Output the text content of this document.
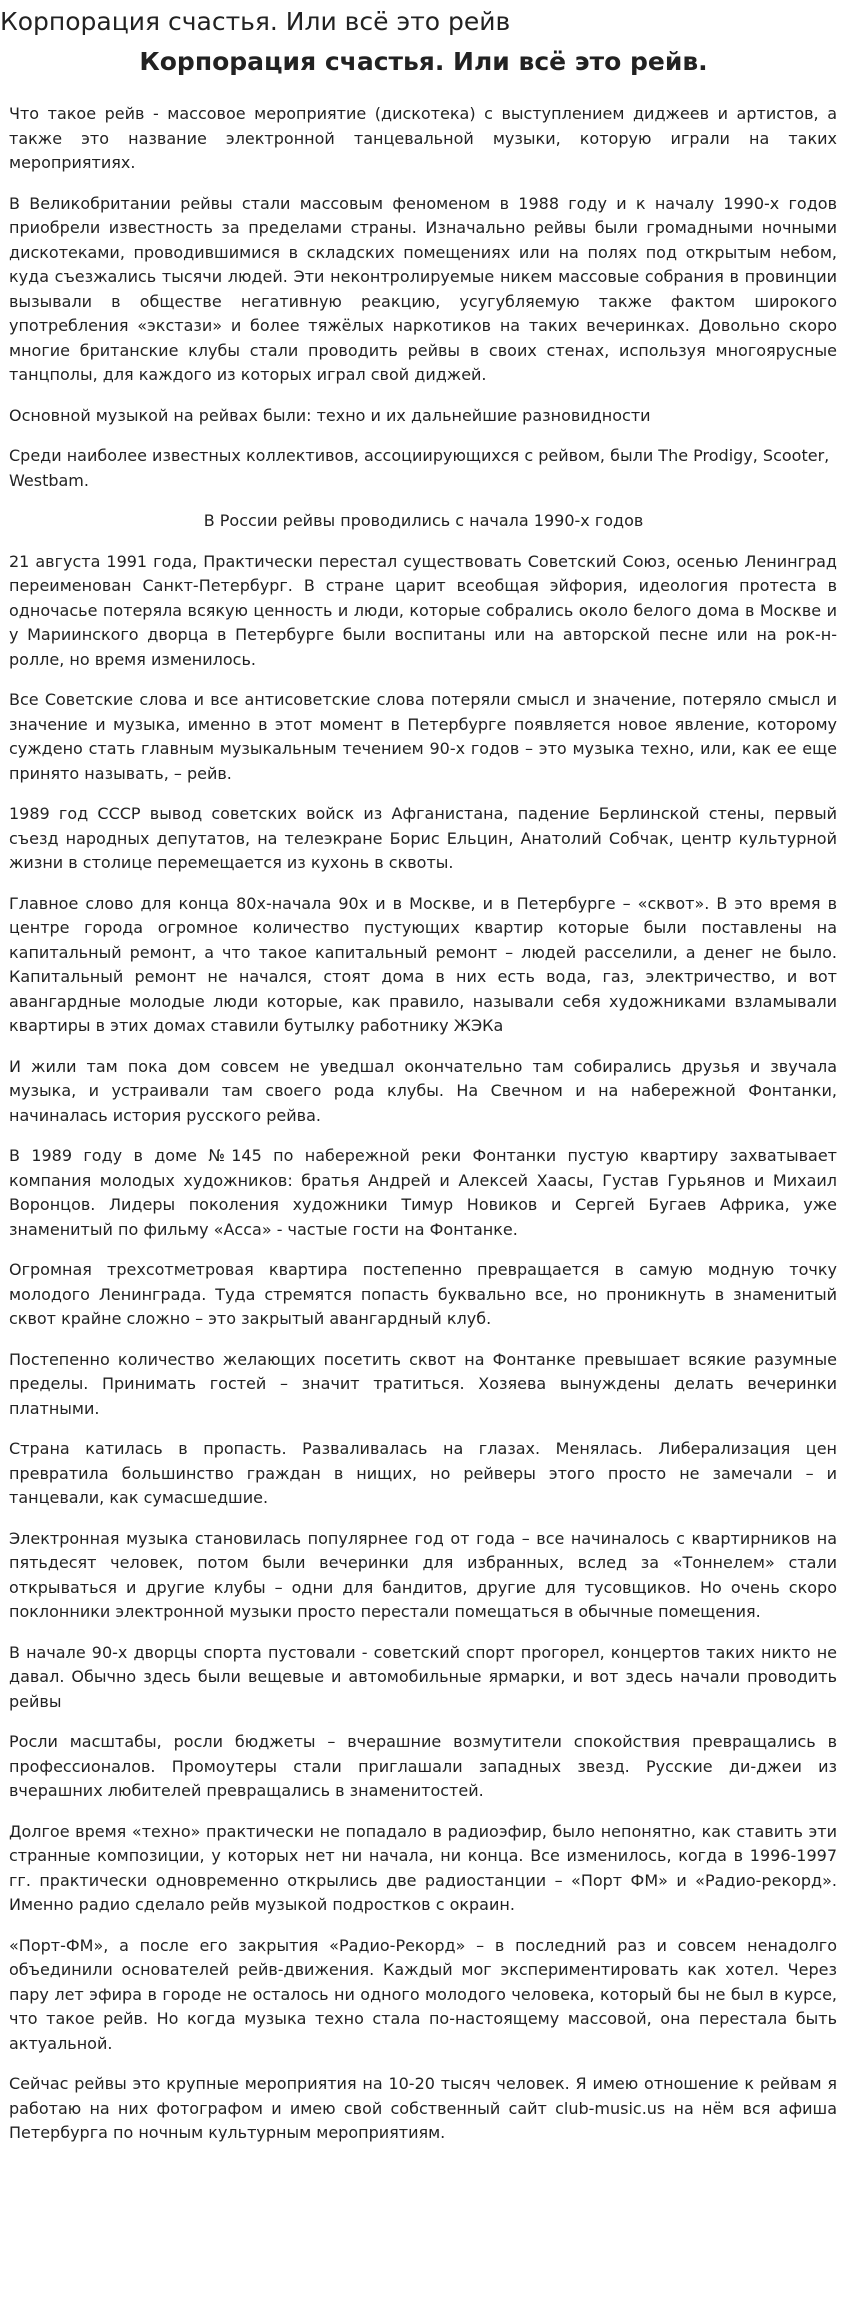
Корпорация счастья. Или всё это рейв
Корпорация счастья. Или всё это рейв.
Что такое рейв - массовое мероприятие (дискотека) с выступлением диджеев и артистов, а также это название электронной танцевальной музыки, которую играли на таких мероприятиях.
В Великобритании рейвы стали массовым феноменом в 1988 году и к началу 1990-х годов приобрели известность за пределами страны. Изначально рейвы были громадными ночными дискотеками, проводившимися в складских помещениях или на полях под открытым небом, куда съезжались тысячи людей. Эти неконтролируемые никем массовые собрания в провинции вызывали в обществе негативную реакцию, усугубляемую также фактом широкого употребления «экстази» и более тяжёлых наркотиков на таких вечеринках. Довольно скоро многие британские клубы стали проводить рейвы в своих стенах, используя многоярусные танцполы, для каждого из которых играл свой диджей.
Основной музыкой на рейвах были: техно и их дальнейшие разновидности
Среди наиболее известных коллективов, ассоциирующихся с рейвом, были The Prodigy, Scooter, Westbam.
В России рейвы проводились с начала 1990-х годов
21 августа 1991 года, Практически перестал существовать Советский Союз, осенью Ленинград переименован Санкт-Петербург. В стране царит всеобщая эйфория, идеология протеста в одночасье потеряла всякую ценность и люди, которые собрались около белого дома в Москве и у Мариинского дворца в Петербурге были воспитаны или на авторской песне или на рок-н-ролле, но время изменилось.
Все Советские слова и все антисоветские слова потеряли смысл и значение, потеряло смысл и значение и музыка, именно в этот момент в Петербурге появляется новое явление, которому суждено стать главным музыкальным течением 90-х годов – это музыка техно, или, как ее еще принято называть, – рейв.
1989 год СССР вывод советских войск из Афганистана, падение Берлинской стены, первый съезд народных депутатов, на телеэкране Борис Ельцин, Анатолий Собчак, центр культурной жизни в столице перемещается из кухонь в сквоты.
Главное слово для конца 80х-начала 90х и в Москве, и в Петербурге – «сквот». В это время в центре города огромное количество пустующих квартир которые были поставлены на капитальный ремонт, а что такое капитальный ремонт – людей расселили, а денег не было. Капитальный ремонт не начался, стоят дома в них есть вода, газ, электричество, и вот авангардные молодые люди которые, как правило, называли себя художниками взламывали квартиры в этих домах ставили бутылку работнику ЖЭКа
И жили там пока дом совсем не уведшал окончательно там собирались друзья и звучала музыка, и устраивали там своего рода клубы. На Свечном и на набережной Фонтанки, начиналась история русского рейва.
В 1989 году в доме №145 по набережной реки Фонтанки пустую квартиру захватывает компания молодых художников: братья Андрей и Алексей Хаасы, Густав Гурьянов и Михаил Воронцов. Лидеры поколения художники Тимур Новиков и Сергей Бугаев Африка, уже знаменитый по фильму «Асса» - частые гости на Фонтанке.
Огромная трехсотметровая квартира постепенно превращается в самую модную точку молодого Ленинграда. Туда стремятся попасть буквально все, но проникнуть в знаменитый сквот крайне сложно – это закрытый авангардный клуб.
Постепенно количество желающих посетить сквот на Фонтанке превышает всякие разумные пределы. Принимать гостей – значит тратиться. Хозяева вынуждены делать вечеринки платными.
Страна катилась в пропасть. Разваливалась на глазах. Менялась. Либерализация цен превратила большинство граждан в нищих, но рейверы этого просто не замечали – и танцевали, как сумасшедшие.
Электронная музыка становилась популярнее год от года – все начиналось с квартирников на пятьдесят человек, потом были вечеринки для избранных, вслед за «Тоннелем» стали открываться и другие клубы – одни для бандитов, другие для тусовщиков. Но очень скоро поклонники электронной музыки просто перестали помещаться в обычные помещения.
В начале 90-х дворцы спорта пустовали - советский спорт прогорел, концертов таких никто не давал. Обычно здесь были вещевые и автомобильные ярмарки, и вот здесь начали проводить рейвы
Росли масштабы, росли бюджеты – вчерашние возмутители спокойствия превращались в профессионалов. Промоутеры стали приглашали западных звезд. Русские ди-джеи из вчерашних любителей превращались в знаменитостей.
Долгое время «техно» практически не попадало в радиоэфир, было непонятно, как ставить эти странные композиции, у которых нет ни начала, ни конца. Все изменилось, когда в 1996-1997 гг. практически одновременно открылись две радиостанции – «Порт ФМ» и «Радио-рекорд». Именно радио сделало рейв музыкой подростков с окраин.
«Порт-ФМ», а после его закрытия «Радио-Рекорд» – в последний раз и совсем ненадолго объединили основателей рейв-движения. Каждый мог экспериментировать как хотел. Через пару лет эфира в городе не осталось ни одного молодого человека, который бы не был в курсе, что такое рейв. Но когда музыка техно стала по-настоящему массовой, она перестала быть актуальной.
Сейчас рейвы это крупные мероприятия на 10-20 тысяч человек. Я имею отношение к рейвам я работаю на них фотографом и имею свой собственный сайт club-music.us на нём вся афиша Петербурга по ночным культурным мероприятиям.
